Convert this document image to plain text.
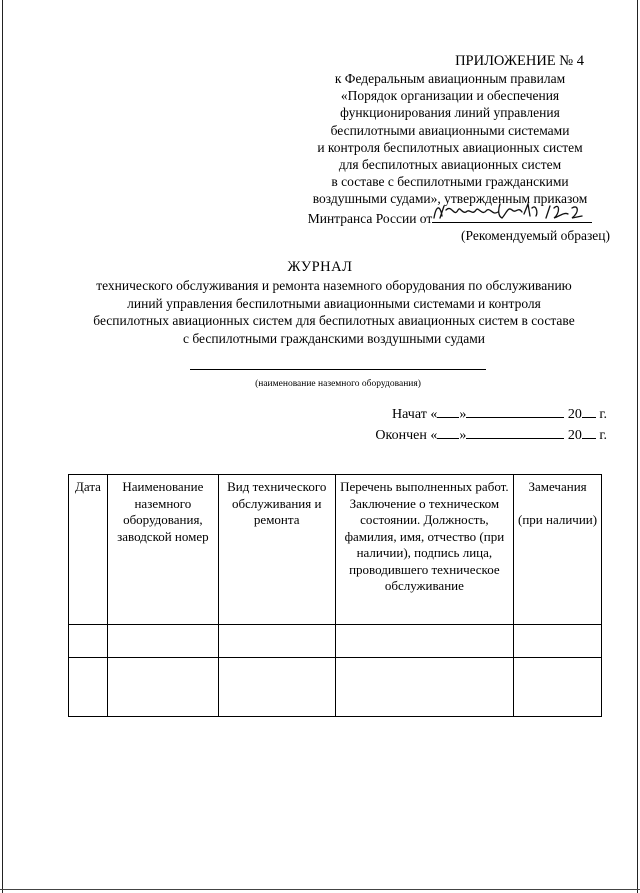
ПРИЛОЖЕНИЕ № 4
к Федеральным авиационным правилам
«Порядок организации и обеспечения
функционирования линий управления
беспилотными авиационными системами
и контроля беспилотных авиационных систем
для беспилотных авиационных систем
в составе с беспилотными гражданскими
воздушными судами», утвержденным приказом
Минтранса России от
(Рекомендуемый образец)
ЖУРНАЛ
технического обслуживания и ремонта наземного оборудования по обслуживанию
линий управления беспилотными авиационными системами и контроля
беспилотных авиационных систем для беспилотных авиационных систем в составе
с беспилотными гражданскими воздушными судами
(наименование наземного оборудования)
Начат « »	20 г.
Окончен « »	20 г.
Дата	Наименование наземного оборудования, заводской номер	Вид технического обслуживания и ремонта	Перечень выполненных работ. Заключение о техническом состоянии. Должность, фамилия, имя, отчество (при наличии), подпись лица, проводившего техническое обслуживание	Замечания

(при наличии)
